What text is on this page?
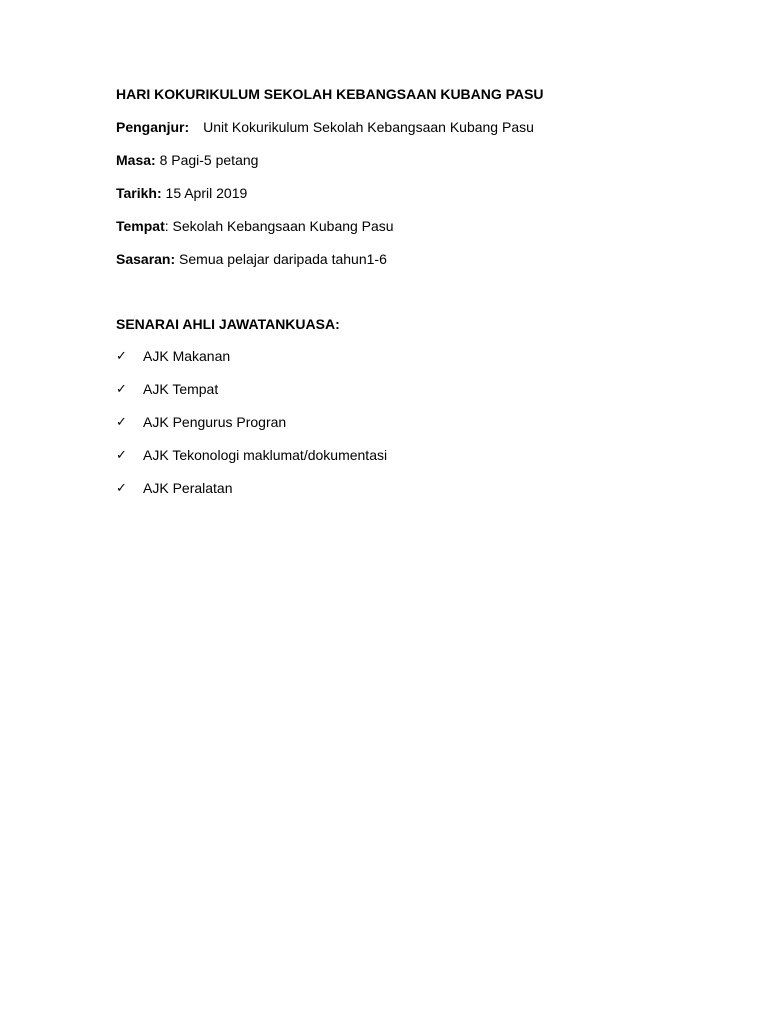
HARI KOKURIKULUM SEKOLAH KEBANGSAAN KUBANG PASU
Penganjur: Unit Kokurikulum Sekolah Kebangsaan Kubang Pasu
Masa: 8 Pagi-5 petang
Tarikh: 15 April 2019
Tempat: Sekolah Kebangsaan Kubang Pasu
Sasaran: Semua pelajar daripada tahun1-6
SENARAI AHLI JAWATANKUASA:
✓ AJK Makanan
✓ AJK Tempat
✓ AJK Pengurus Progran
✓ AJK Tekonologi maklumat/dokumentasi
✓ AJK Peralatan
